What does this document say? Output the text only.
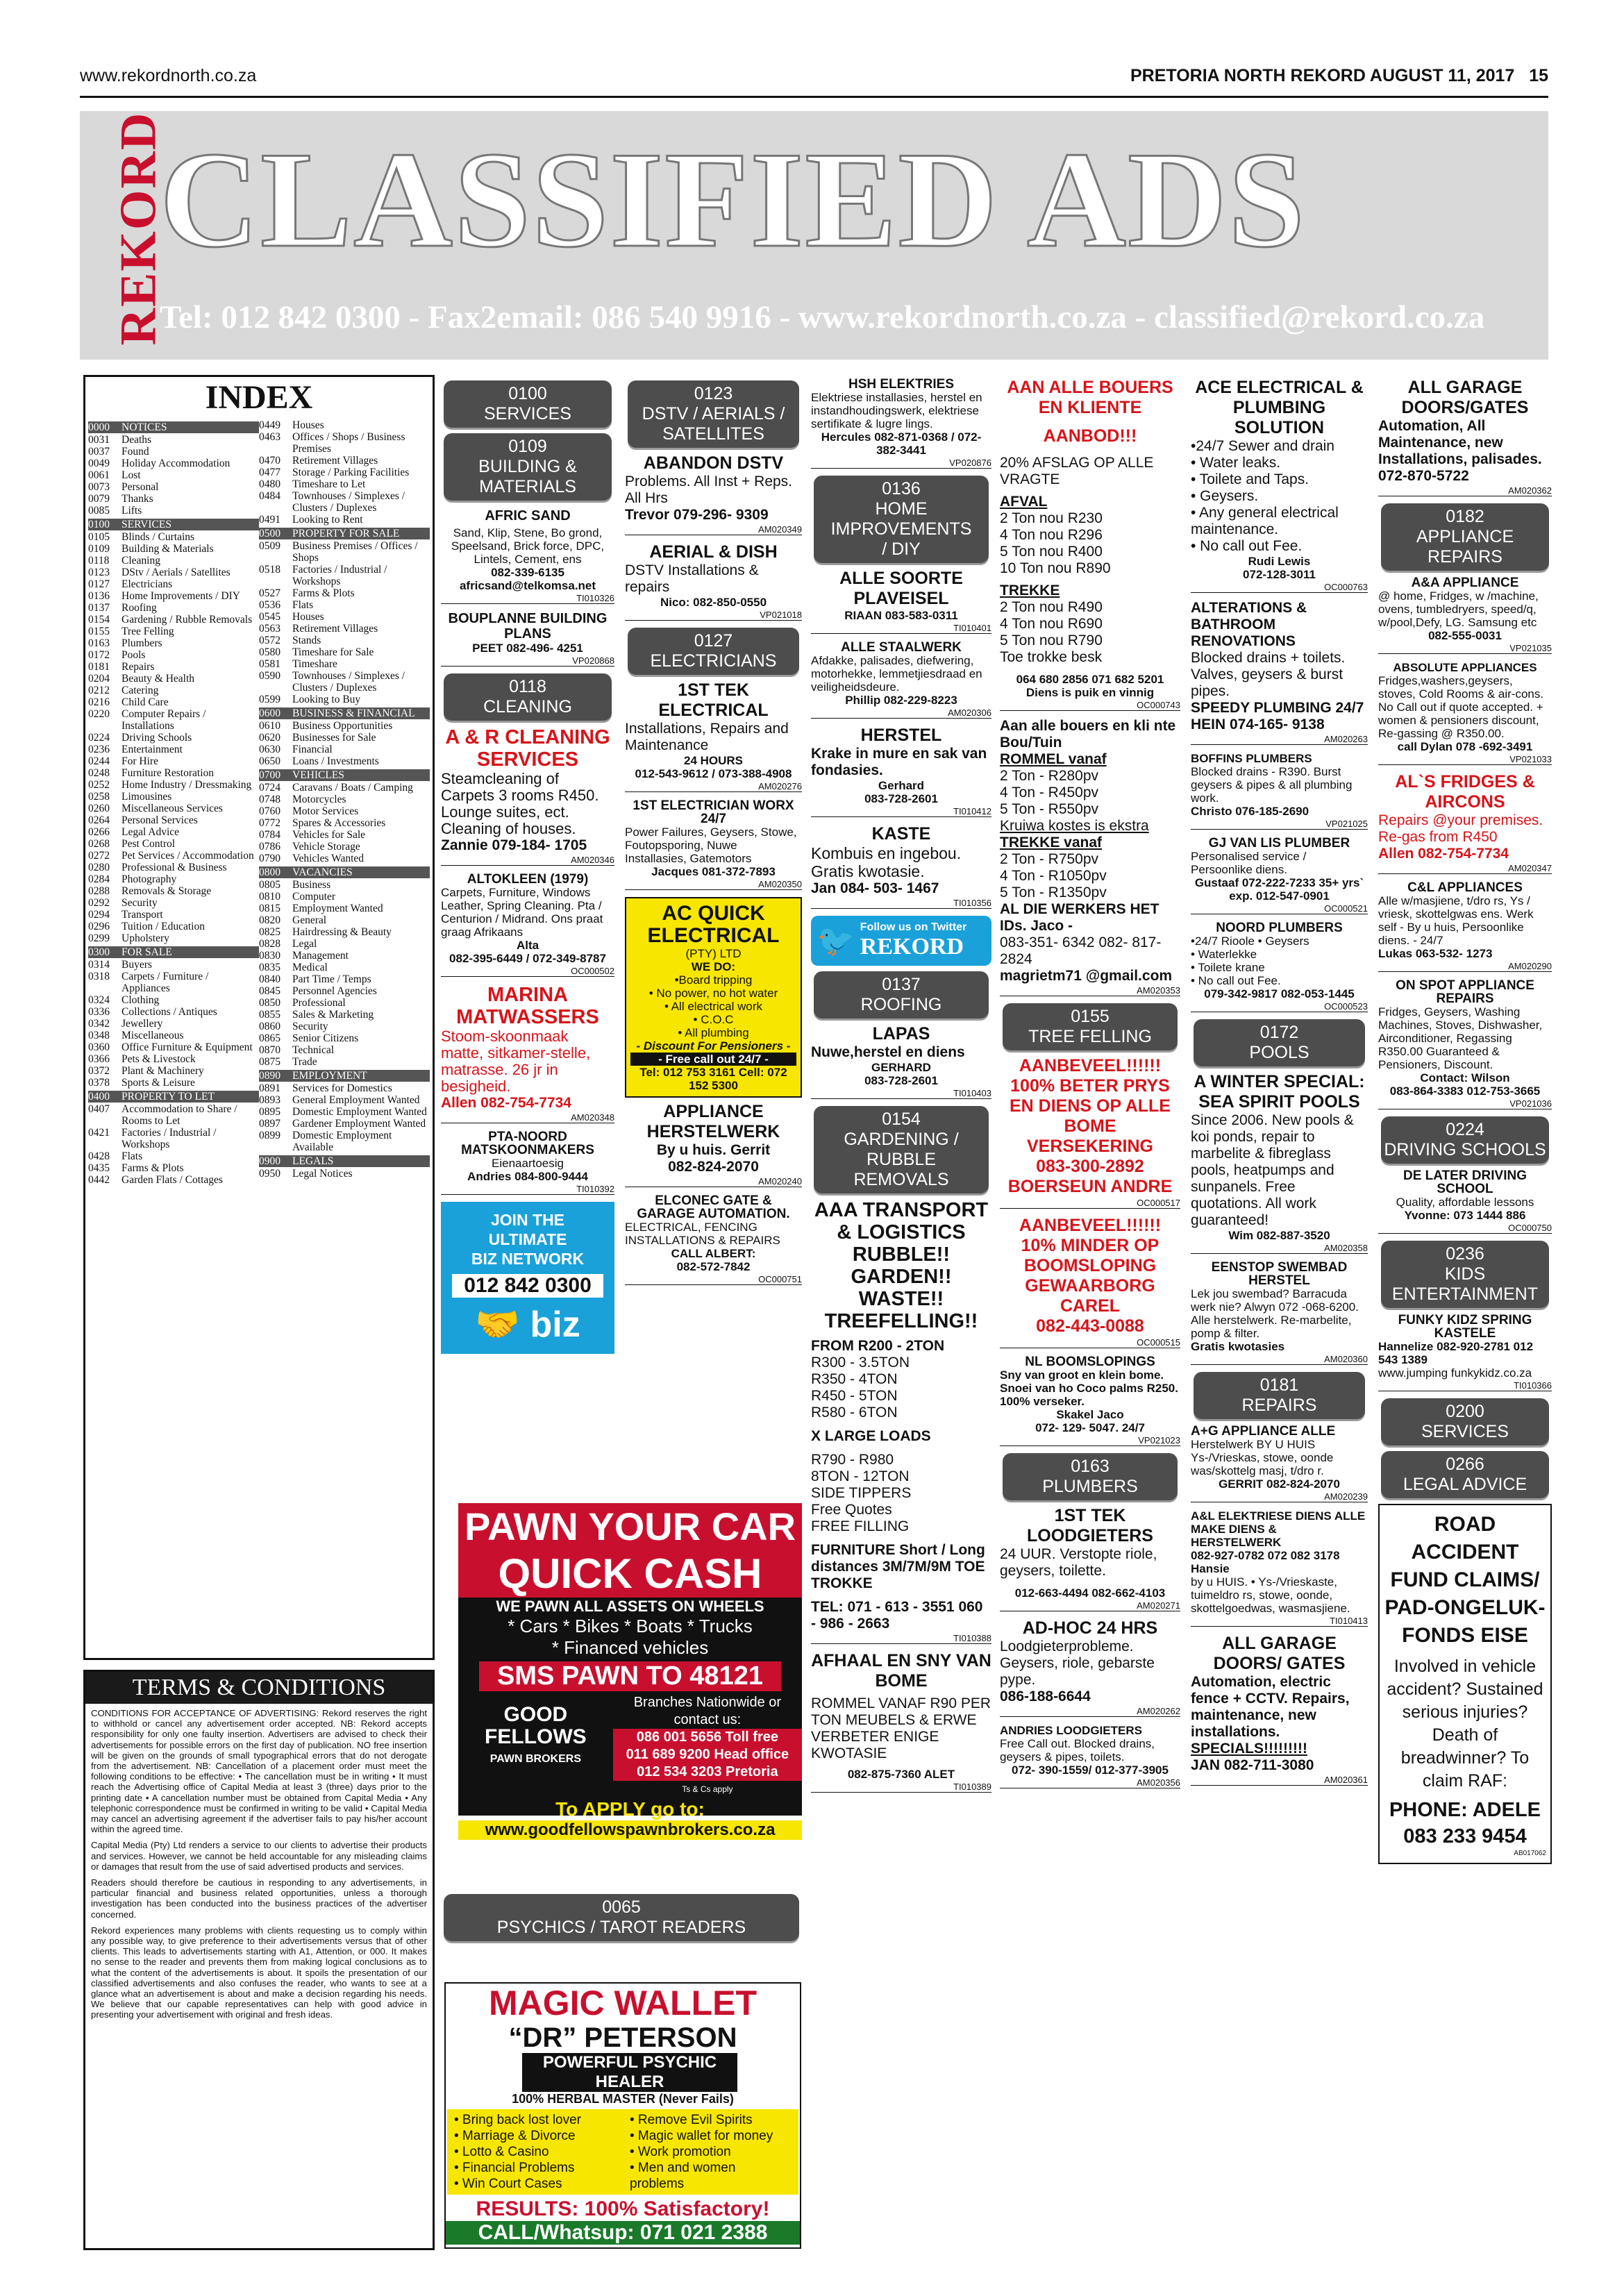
www.rekordnorth.co.za	PRETORIA NORTH REKORD AUGUST 11, 2017 15
REKORD
CLASSIFIED ADS
Tel: 012 842 0300 - Fax2email: 086 540 9916 - www.rekordnorth.co.za - classified@rekord.co.za
INDEX
0000	NOTICES
0031	Deaths
0037	Found
0049	Holiday Accommodation
0061	Lost
0073	Personal
0079	Thanks
0085	Lifts
0100	SERVICES
0105	Blinds / Curtains
0109	Building & Materials
0118	Cleaning
0123	DStv / Aerials / Satellites
0127	Electricians
0136	Home Improvements / DIY
0137	Roofing
0154	Gardening / Rubble Removals
0155	Tree Felling
0163	Plumbers
0172	Pools
0181	Repairs
0204	Beauty & Health
0212	Catering
0216	Child Care
0220	Computer Repairs / Installations
0224	Driving Schools
0236	Entertainment
0244	For Hire
0248	Furniture Restoration
0252	Home Industry / Dressmaking
0258	Limousines
0260	Miscellaneous Services
0264	Personal Services
0266	Legal Advice
0268	Pest Control
0272	Pet Services / Accommodation
0280	Professional & Business
0284	Photography
0288	Removals & Storage
0292	Security
0294	Transport
0296	Tuition / Education
0299	Upholstery
0300	FOR SALE
0314	Buyers
0318	Carpets / Furniture / Appliances
0324	Clothing
0336	Collections / Antiques
0342	Jewellery
0348	Miscellaneous
0360	Office Furniture & Equipment
0366	Pets & Livestock
0372	Plant & Machinery
0378	Sports & Leisure
0400	PROPERTY TO LET
0407	Accommodation to Share / Rooms to Let
0421	Factories / Industrial / Workshops
0428	Flats
0435	Farms & Plots
0442	Garden Flats / Cottages
0449	Houses
0463	Offices / Shops / Business Premises
0470	Retirement Villages
0477	Storage / Parking Facilities
0480	Timeshare to Let
0484	Townhouses / Simplexes / Clusters / Duplexes
0491	Looking to Rent
0500	PROPERTY FOR SALE
0509	Business Premises / Offices / Shops
0518	Factories / Industrial / Workshops
0527	Farms & Plots
0536	Flats
0545	Houses
0563	Retirement Villages
0572	Stands
0580	Timeshare for Sale
0581	Timeshare
0590	Townhouses / Simplexes / Clusters / Duplexes
0599	Looking to Buy
0600	BUSINESS & FINANCIAL
0610	Business Opportunities
0620	Businesses for Sale
0630	Financial
0650	Loans / Investments
0700	VEHICLES
0724	Caravans / Boats / Camping
0748	Motorcycles
0760	Motor Services
0772	Spares & Accessories
0784	Vehicles for Sale
0786	Vehicle Storage
0790	Vehicles Wanted
0800	VACANCIES
0805	Business
0810	Computer
0815	Employment Wanted
0820	General
0825	Hairdressing & Beauty
0828	Legal
0830	Management
0835	Medical
0840	Part Time / Temps
0845	Personnel Agencies
0850	Professional
0855	Sales & Marketing
0860	Security
0865	Senior Citizens
0870	Technical
0875	Trade
0890	EMPLOYMENT
0891	Services for Domestics
0893	General Employment Wanted
0895	Domestic Employment Wanted
0897	Gardener Employment Wanted
0899	Domestic Employment Available
0900	LEGALS
0950	Legal Notices
TERMS & CONDITIONS

CONDITIONS FOR ACCEPTANCE OF ADVERTISING: Rekord reserves the right to withhold or cancel any advertisement order accepted. NB: Rekord accepts responsibility for only one faulty insertion. Advertisers are advised to check their advertisements for possible errors on the first day of publication. NO free insertion will be given on the grounds of small typographical errors that do not derogate from the advertisement. NB: Cancellation of a placement order must meet the following conditions to be effective: • The cancellation must be in writing • It must reach the Advertising office of Capital Media at least 3 (three) days prior to the printing date • A cancellation number must be obtained from Capital Media • Any telephonic correspondence must be confirmed in writing to be valid • Capital Media may cancel an advertising agreement if the advertiser fails to pay his/her account within the agreed time.

Capital Media (Pty) Ltd renders a service to our clients to advertise their products and services. However, we cannot be held accountable for any misleading claims or damages that result from the use of said advertised products and services.

Readers should therefore be cautious in responding to any advertisements, in particular financial and business related opportunities, unless a thorough investigation has been conducted into the business practices of the advertiser concerned.

Rekord experiences many problems with clients requesting us to comply within any possible way, to give preference to their advertisements versus that of other clients. This leads to advertisements starting with A1, Attention, or 000. It makes no sense to the reader and prevents them from making logical conclusions as to what the content of the advertisements is about. It spoils the presentation of our classified advertisements and also confuses the reader, who wants to see at a glance what an advertisement is about and make a decision regarding his needs. We believe that our capable representatives can help with good advice in presenting your advertisement with original and fresh ideas.

0100
SERVICES
0109
BUILDING &
MATERIALS
AFRIC SAND
Sand, Klip, Stene, Bo grond, Speelsand, Brick force, DPC, Lintels, Cement, ens
082-339-6135
africsand@telkomsa.net
TI010326
BOUPLANNE BUILDING PLANS
PEET 082-496- 4251
VP020868
0118
CLEANING
A & R CLEANING SERVICES
Steamcleaning of Carpets 3 rooms R450. Lounge suites, ect. Cleaning of houses.
Zannie 079-184- 1705
AM020346
ALTOKLEEN (1979)
Carpets, Furniture, Windows Leather, Spring Cleaning. Pta / Centurion / Midrand. Ons praat graag Afrikaans
Alta
082-395-6449 / 072-349-8787
OC000502
MARINA MATWASSERS
Stoom-skoonmaak matte, sitkamer-stelle, matrasse. 26 jr in besigheid.
Allen 082-754-7734
AM020348
PTA-NOORD MATSKOONMAKERS
Eienaartoesig
Andries 084-800-9444
TI010392
JOIN THE
ULTIMATE
BIZ NETWORK
012 842 0300
🤝 biz
0123
DSTV / AERIALS /
SATELLITES
ABANDON DSTV
Problems. All Inst + Reps. All Hrs
Trevor 079-296- 9309
AM020349
AERIAL & DISH
DSTV Installations & repairs
Nico: 082-850-0550
VP021018
0127
ELECTRICIANS
1ST TEK ELECTRICAL
Installations, Repairs and Maintenance
24 HOURS
012-543-9612 / 073-388-4908
AM020276
1ST ELECTRICIAN WORX 24/7
Power Failures, Geysers, Stowe, Foutopsporing, Nuwe Installasies, Gatemotors
Jacques 081-372-7893
AM020350
AC QUICK ELECTRICAL
(PTY) LTD
WE DO:
•Board tripping
• No power, no hot water
• All electrical work
• C.O.C
• All plumbing
- Discount For Pensioners -
- Free call out 24/7 -
Tel: 012 753 3161 Cell: 072 152 5300
APPLIANCE HERSTELWERK
By u huis. Gerrit
082-824-2070
AM020240
ELCONEC GATE & GARAGE AUTOMATION.
ELECTRICAL, FENCING INSTALLATIONS & REPAIRS
CALL ALBERT:
082-572-7842
OC000751
PAWN YOUR CAR
QUICK CASH
WE PAWN ALL ASSETS ON WHEELS
* Cars * Bikes * Boats * Trucks
* Financed vehicles
SMS PAWN TO 48121
GOOD FELLOWS
PAWN BROKERS
Branches Nationwide or contact us:
086 001 5656 Toll free
011 689 9200 Head office
012 534 3203 Pretoria
Ts & Cs apply
To APPLY go to:
www.goodfellowspawnbrokers.co.za
0065
PSYCHICS / TAROT READERS
MAGIC WALLET
“DR” PETERSON
POWERFUL PSYCHIC HEALER
100% HERBAL MASTER (Never Fails)
• Bring back lost lover
• Marriage & Divorce
• Lotto & Casino
• Financial Problems
• Win Court Cases
• Remove Evil Spirits
• Magic wallet for money
• Work promotion
• Men and women problems
RESULTS: 100% Satisfactory!
CALL/Whatsup: 071 021 2388
HSH ELEKTRIES
Elektriese installasies, herstel en instandhoudingswerk, elektriese sertifikate & lugre lings.
Hercules 082-871-0368 / 072-382-3441
VP020876
0136
HOME IMPROVEMENTS
/ DIY
ALLE SOORTE PLAVEISEL
RIAAN 083-583-0311
TI010401
ALLE STAALWERK
Afdakke, palisades, diefwering, motorhekke, lemmetjiesdraad en veiligheidsdeure.
Phillip 082-229-8223
AM020306
HERSTEL
Krake in mure en sak van fondasies.
Gerhard
083-728-2601
TI010412
KASTE
Kombuis en ingebou. Gratis kwotasie.
Jan 084- 503- 1467
TI010356
🐦 Follow us on Twitter
REKORD
0137
ROOFING
LAPAS
Nuwe,herstel en diens
GERHARD
083-728-2601
TI010403
0154
GARDENING / RUBBLE
REMOVALS
AAA TRANSPORT & LOGISTICS
RUBBLE!!
GARDEN!!
WASTE!!
TREEFELLING!!
FROM R200 - 2TON
R300 - 3.5TON
R350 - 4TON
R450 - 5TON
R580 - 6TON
X LARGE LOADS
R790 - R980
8TON - 12TON
SIDE TIPPERS
Free Quotes
FREE FILLING
FURNITURE Short / Long distances 3M/7M/9M TOE TROKKE
TEL: 071 - 613 - 3551 060 - 986 - 2663
TI010388
AFHAAL EN SNY VAN BOME
ROMMEL VANAF R90 PER TON MEUBELS & ERWE VERBETER ENIGE KWOTASIE
082-875-7360 ALET
TI010389
AAN ALLE BOUERS EN KLIENTE
AANBOD!!!
20% AFSLAG OP ALLE VRAGTE
AFVAL
2 Ton nou R230
4 Ton nou R296
5 Ton nou R400
10 Ton nou R890
TREKKE
2 Ton nou R490
4 Ton nou R690
5 Ton nou R790
Toe trokke besk
064 680 2856 071 682 5201
Diens is puik en vinnig
OC000743
Aan alle bouers en kli nte Bou/Tuin
ROMMEL vanaf
2 Ton - R280pv
4 Ton - R450pv
5 Ton - R550pv
Kruiwa kostes is ekstra
TREKKE vanaf
2 Ton - R750pv
4 Ton - R1050pv
5 Ton - R1350pv
AL DIE WERKERS HET IDs. Jaco -
083-351- 6342 082- 817- 2824
magrietm71 @gmail.com
AM020353
0155
TREE FELLING
AANBEVEEL!!!!!! 100% BETER PRYS EN DIENS OP ALLE BOME VERSEKERING
083-300-2892 BOERSEUN ANDRE
OC000517
AANBEVEEL!!!!!! 10% MINDER OP BOOMSLOPING GEWAARBORG CAREL
082-443-0088
OC000515
NL BOOMSLOPINGS
Sny van groot en klein bome. Snoei van ho Coco palms R250. 100% verseker.
Skakel Jaco
072- 129- 5047. 24/7
VP021023
0163
PLUMBERS
1ST TEK LOODGIETERS
24 UUR. Verstopte riole, geysers, toilette.
012-663-4494 082-662-4103
AM020271
AD-HOC 24 HRS
Loodgieterprobleme. Geysers, riole, gebarste pype.
086-188-6644
AM020262
ANDRIES LOODGIETERS
Free Call out. Blocked drains, geysers & pipes, toilets.
072- 390-1559/ 012-377-3905
AM020356
ACE ELECTRICAL & PLUMBING SOLUTION
•24/7 Sewer and drain
• Water leaks.
• Toilete and Taps.
• Geysers.
• Any general electrical maintenance.
• No call out Fee.
Rudi Lewis
072-128-3011
OC000763
ALTERATIONS & BATHROOM RENOVATIONS
Blocked drains + toilets. Valves, geysers & burst pipes.
SPEEDY PLUMBING 24/7
HEIN 074-165- 9138
AM020263
BOFFINS PLUMBERS
Blocked drains - R390. Burst geysers & pipes & all plumbing work.
Christo 076-185-2690
VP021025
GJ VAN LIS PLUMBER
Personalised service / Persoonlike diens.
Gustaaf 072-222-7233 35+ yrs` exp. 012-547-0901
OC000521
NOORD PLUMBERS
•24/7 Rioole • Geysers
• Waterlekke
• Toilete krane
• No call out Fee.
079-342-9817 082-053-1445
OC000523
0172
POOLS
A WINTER SPECIAL: SEA SPIRIT POOLS
Since 2006. New pools & koi ponds, repair to marbelite & fibreglass pools, heatpumps and sunpanels. Free quotations. All work guaranteed!
Wim 082-887-3520
AM020358
EENSTOP SWEMBAD HERSTEL
Lek jou swembad? Barracuda werk nie? Alwyn 072 -068-6200. Alle herstelwerk. Re-marbelite, pomp & filter.
Gratis kwotasies
AM020360
0181
REPAIRS
A+G APPLIANCE ALLE
Herstelwerk BY U HUIS Ys-/Vrieskas, stowe, oonde was/skottelg masj, t/dro r.
GERRIT 082-824-2070
AM020239
A&L ELEKTRIESE DIENS ALLE MAKE DIENS & HERSTELWERK
082-927-0782 072 082 3178 Hansie
by u HUIS. • Ys-/Vrieskaste, tuimeldro rs, stowe, oonde, skottelgoedwas, wasmasjiene.
TI010413
ALL GARAGE DOORS/ GATES
Automation, electric fence + CCTV. Repairs, maintenance, new installations.
SPECIALS!!!!!!!!!
JAN 082-711-3080
AM020361
ALL GARAGE DOORS/GATES
Automation, All Maintenance, new Installations, palisades.
072-870-5722
AM020362
0182
APPLIANCE REPAIRS
A&A APPLIANCE
@ home, Fridges, w /machine, ovens, tumbledryers, speed/q, w/pool,Defy, LG. Samsung etc
082-555-0031
VP021035
ABSOLUTE APPLIANCES
Fridges,washers,geysers, stoves, Cold Rooms & air-cons. No Call out if quote accepted. + women & pensioners discount, Re-gassing @ R350.00.
call Dylan 078 -692-3491
VP021033
AL`S FRIDGES & AIRCONS
Repairs @your premises. Re-gas from R450
Allen 082-754-7734
AM020347
C&L APPLIANCES
Alle w/masjiene, t/dro rs, Ys / vriesk, skottelgwas ens. Werk self - By u huis, Persoonlike diens. - 24/7
Lukas 063-532- 1273
AM020290
ON SPOT APPLIANCE REPAIRS
Fridges, Geysers, Washing Machines, Stoves, Dishwasher, Airconditioner, Regassing R350.00 Guaranteed & Pensioners, Discount.
Contact: Wilson
083-864-3383 012-753-3665
VP021036
0224
DRIVING SCHOOLS
DE LATER DRIVING SCHOOL
Quality, affordable lessons
Yvonne: 073 1444 886
OC000750
0236
KIDS ENTERTAINMENT
FUNKY KIDZ SPRING KASTELE
Hannelize 082-920-2781 012 543 1389
www.jumping funkykidz.co.za
TI010366
0200
SERVICES
0266
LEGAL ADVICE
ROAD ACCIDENT FUND CLAIMS/ PAD-ONGELUK-FONDS EISE
Involved in vehicle accident? Sustained serious injuries? Death of breadwinner? To claim RAF:
PHONE: ADELE 083 233 9454
AB017062
